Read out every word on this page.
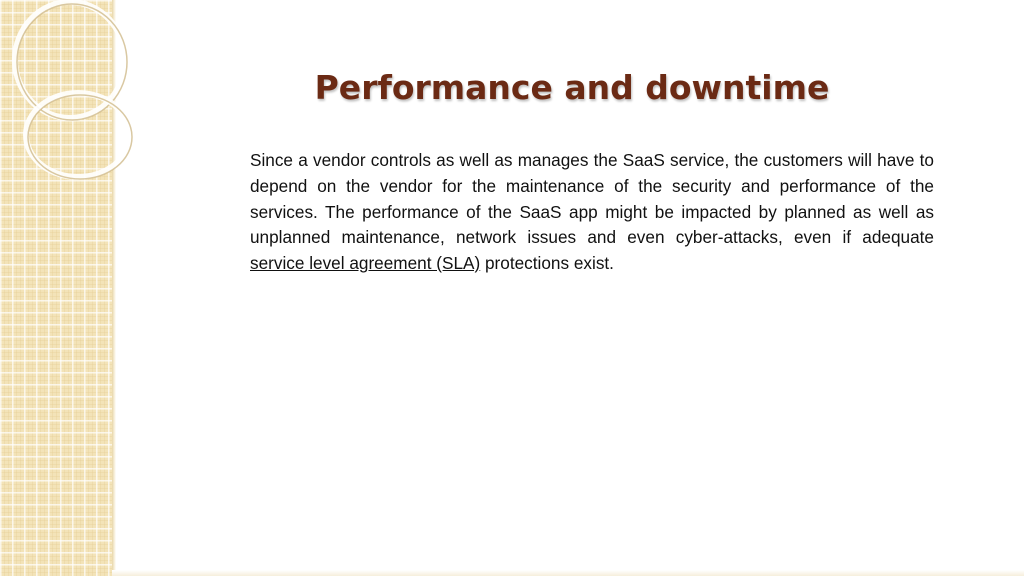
Performance and downtime

Since a vendor controls as well as manages the SaaS service, the customers will have to depend on the vendor for the maintenance of the security and performance of the services. The performance of the SaaS app might be impacted by planned as well as unplanned maintenance, network issues and even cyber-attacks, even if adequate service level agreement (SLA) protections exist.
